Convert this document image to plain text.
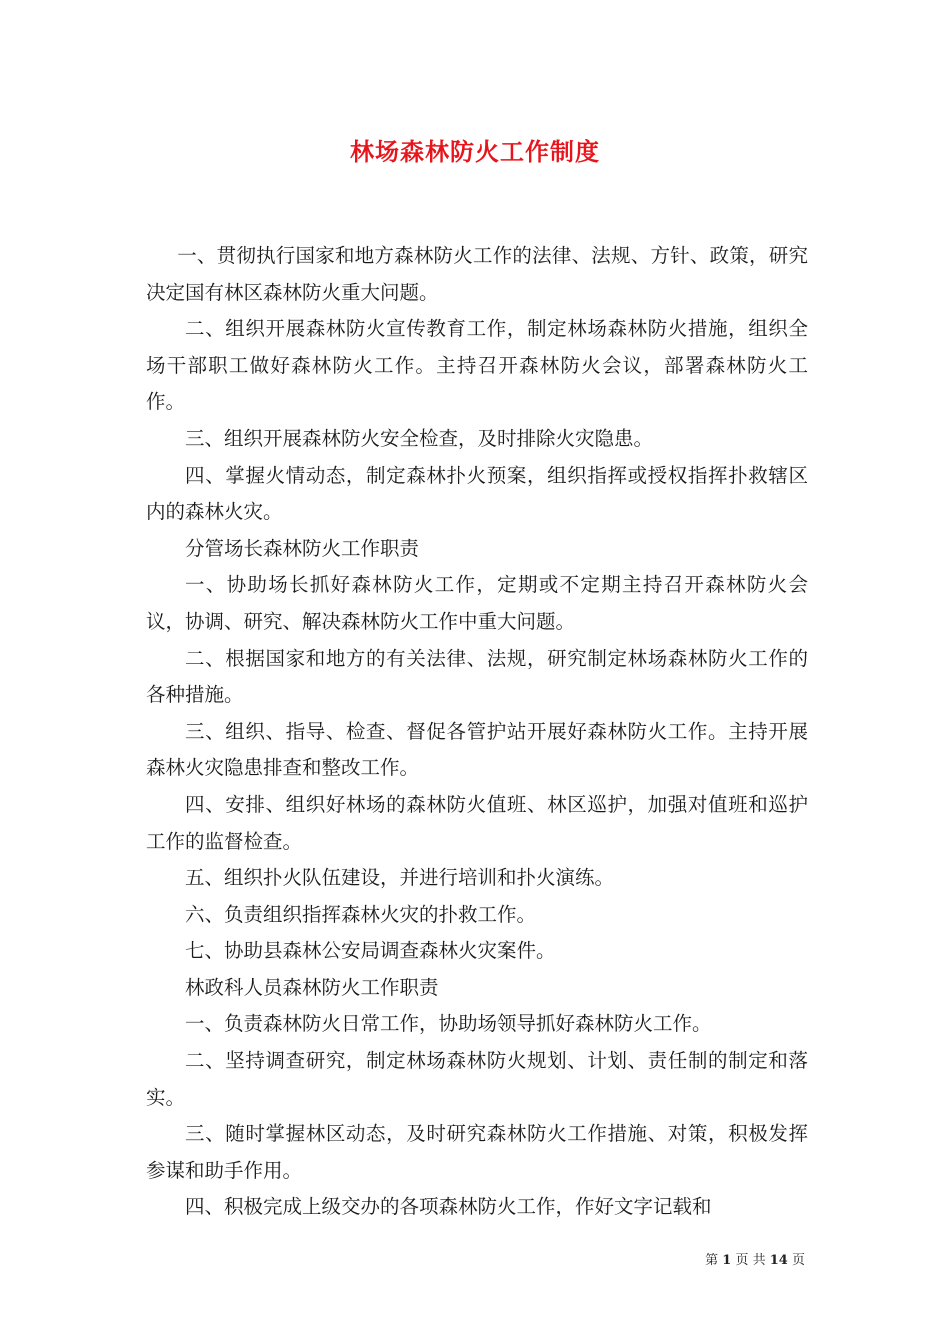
林场森林防火工作制度

一、贯彻执行国家和地方森林防火工作的法律、法规、方针、政策，研究决定国有林区森林防火重大问题。

二、组织开展森林防火宣传教育工作，制定林场森林防火措施，组织全场干部职工做好森林防火工作。主持召开森林防火会议，部署森林防火工作。

三、组织开展森林防火安全检查，及时排除火灾隐患。

四、掌握火情动态，制定森林扑火预案，组织指挥或授权指挥扑救辖区内的森林火灾。

分管场长森林防火工作职责

一、协助场长抓好森林防火工作，定期或不定期主持召开森林防火会议，协调、研究、解决森林防火工作中重大问题。

二、根据国家和地方的有关法律、法规，研究制定林场森林防火工作的各种措施。

三、组织、指导、检查、督促各管护站开展好森林防火工作。主持开展森林火灾隐患排查和整改工作。

四、安排、组织好林场的森林防火值班、林区巡护，加强对值班和巡护工作的监督检查。

五、组织扑火队伍建设，并进行培训和扑火演练。

六、负责组织指挥森林火灾的扑救工作。

七、协助县森林公安局调查森林火灾案件。

林政科人员森林防火工作职责

一、负责森林防火日常工作，协助场领导抓好森林防火工作。

二、坚持调查研究，制定林场森林防火规划、计划、责任制的制定和落实。

三、随时掌握林区动态，及时研究森林防火工作措施、对策，积极发挥参谋和助手作用。

四、积极完成上级交办的各项森林防火工作，作好文字记载和

第 1 页 共 14 页
